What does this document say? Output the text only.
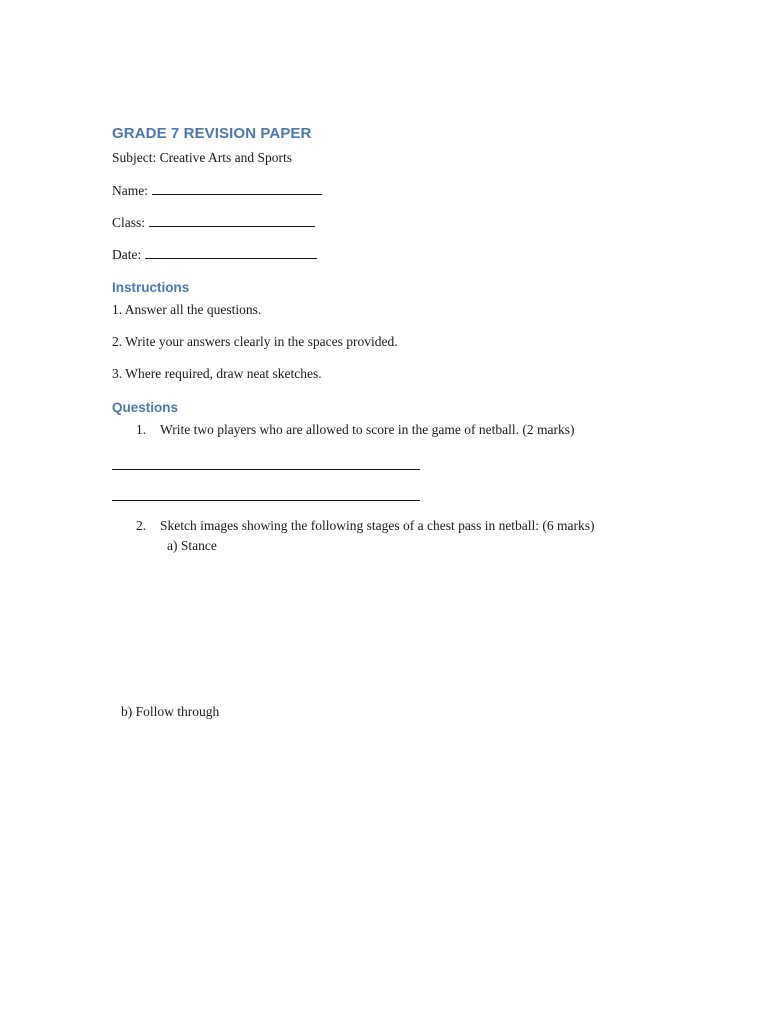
GRADE 7 REVISION PAPER
Subject: Creative Arts and Sports
Name:
Class:
Date:
Instructions
1. Answer all the questions.
2. Write your answers clearly in the spaces provided.
3. Where required, draw neat sketches.
Questions
1. Write two players who are allowed to score in the game of netball. (2 marks)
2. Sketch images showing the following stages of a chest pass in netball: (6 marks)
a) Stance
b) Follow through
